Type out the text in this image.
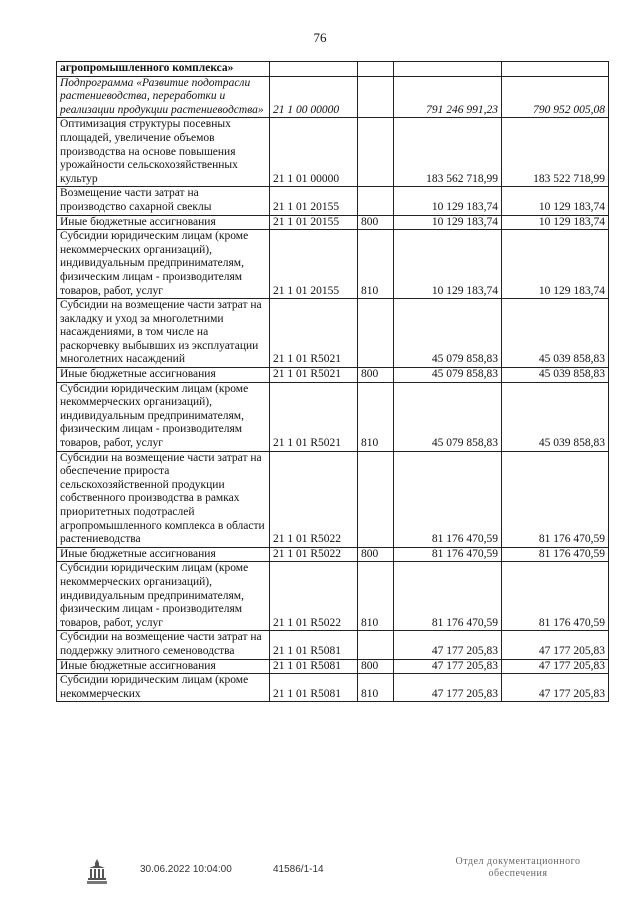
76
агропромышленного комплекса»				
Подпрограмма «Развитие подотрасли растениеводства, переработки и реализации продукции растениеводства»	21 1 00 00000		791 246 991,23	790 952 005,08
Оптимизация структуры посевных площадей, увеличение объемов производства на основе повышения урожайности сельскохозяйственных культур	21 1 01 00000		183 562 718,99	183 522 718,99
Возмещение части затрат на производство сахарной свеклы	21 1 01 20155		10 129 183,74	10 129 183,74
Иные бюджетные ассигнования	21 1 01 20155	800	10 129 183,74	10 129 183,74
Субсидии юридическим лицам (кроме некоммерческих организаций), индивидуальным предпринимателям, физическим лицам - производителям товаров, работ, услуг	21 1 01 20155	810	10 129 183,74	10 129 183,74
Субсидии на возмещение части затрат на закладку и уход за многолетними насаждениями, в том числе на раскорчевку выбывших из эксплуатации многолетних насаждений	21 1 01 R5021		45 079 858,83	45 039 858,83
Иные бюджетные ассигнования	21 1 01 R5021	800	45 079 858,83	45 039 858,83
Субсидии юридическим лицам (кроме некоммерческих организаций), индивидуальным предпринимателям, физическим лицам - производителям товаров, работ, услуг	21 1 01 R5021	810	45 079 858,83	45 039 858,83
Субсидии на возмещение части затрат на обеспечение прироста сельскохозяйственной продукции собственного производства в рамках приоритетных подотраслей агропромышленного комплекса в области растениеводства	21 1 01 R5022		81 176 470,59	81 176 470,59
Иные бюджетные ассигнования	21 1 01 R5022	800	81 176 470,59	81 176 470,59
Субсидии юридическим лицам (кроме некоммерческих организаций), индивидуальным предпринимателям, физическим лицам - производителям товаров, работ, услуг	21 1 01 R5022	810	81 176 470,59	81 176 470,59
Субсидии на возмещение части затрат на поддержку элитного семеноводства	21 1 01 R5081		47 177 205,83	47 177 205,83
Иные бюджетные ассигнования	21 1 01 R5081	800	47 177 205,83	47 177 205,83
Субсидии юридическим лицам (кроме некоммерческих	21 1 01 R5081	810	47 177 205,83	47 177 205,83
30.06.2022 10:04:00	41586/1-14
Отдел документационного
обеспечения
